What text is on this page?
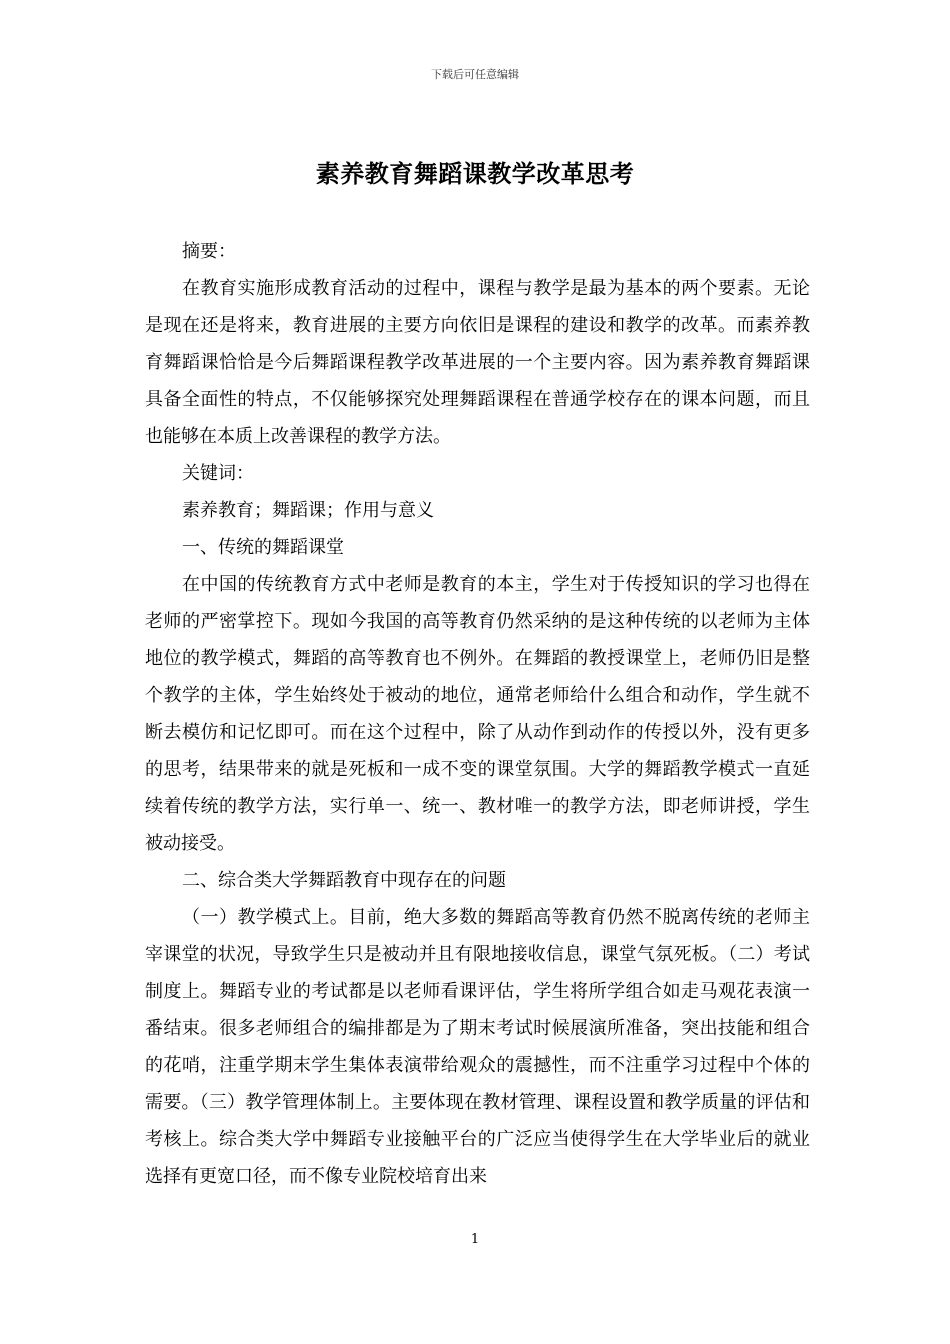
下载后可任意编辑
素养教育舞蹈课教学改革思考

摘要：

在教育实施形成教育活动的过程中，课程与教学是最为基本的两个要素。无论是现在还是将来，教育进展的主要方向依旧是课程的建设和教学的改革。而素养教育舞蹈课恰恰是今后舞蹈课程教学改革进展的一个主要内容。因为素养教育舞蹈课具备全面性的特点，不仅能够探究处理舞蹈课程在普通学校存在的课本问题，而且也能够在本质上改善课程的教学方法。

关键词：

素养教育；舞蹈课；作用与意义

一、传统的舞蹈课堂

在中国的传统教育方式中老师是教育的本主，学生对于传授知识的学习也得在老师的严密掌控下。现如今我国的高等教育仍然采纳的是这种传统的以老师为主体地位的教学模式，舞蹈的高等教育也不例外。在舞蹈的教授课堂上，老师仍旧是整个教学的主体，学生始终处于被动的地位，通常老师给什么组合和动作，学生就不断去模仿和记忆即可。而在这个过程中，除了从动作到动作的传授以外，没有更多的思考，结果带来的就是死板和一成不变的课堂氛围。大学的舞蹈教学模式一直延续着传统的教学方法，实行单一、统一、教材唯一的教学方法，即老师讲授，学生被动接受。

二、综合类大学舞蹈教育中现存在的问题

（一）教学模式上。目前，绝大多数的舞蹈高等教育仍然不脱离传统的老师主宰课堂的状况，导致学生只是被动并且有限地接收信息，课堂气氛死板。（二）考试制度上。舞蹈专业的考试都是以老师看课评估，学生将所学组合如走马观花表演一番结束。很多老师组合的编排都是为了期末考试时候展演所准备，突出技能和组合的花哨，注重学期末学生集体表演带给观众的震撼性，而不注重学习过程中个体的需要。（三）教学管理体制上。主要体现在教材管理、课程设置和教学质量的评估和考核上。综合类大学中舞蹈专业接触平台的广泛应当使得学生在大学毕业后的就业选择有更宽口径，而不像专业院校培育出来

1
